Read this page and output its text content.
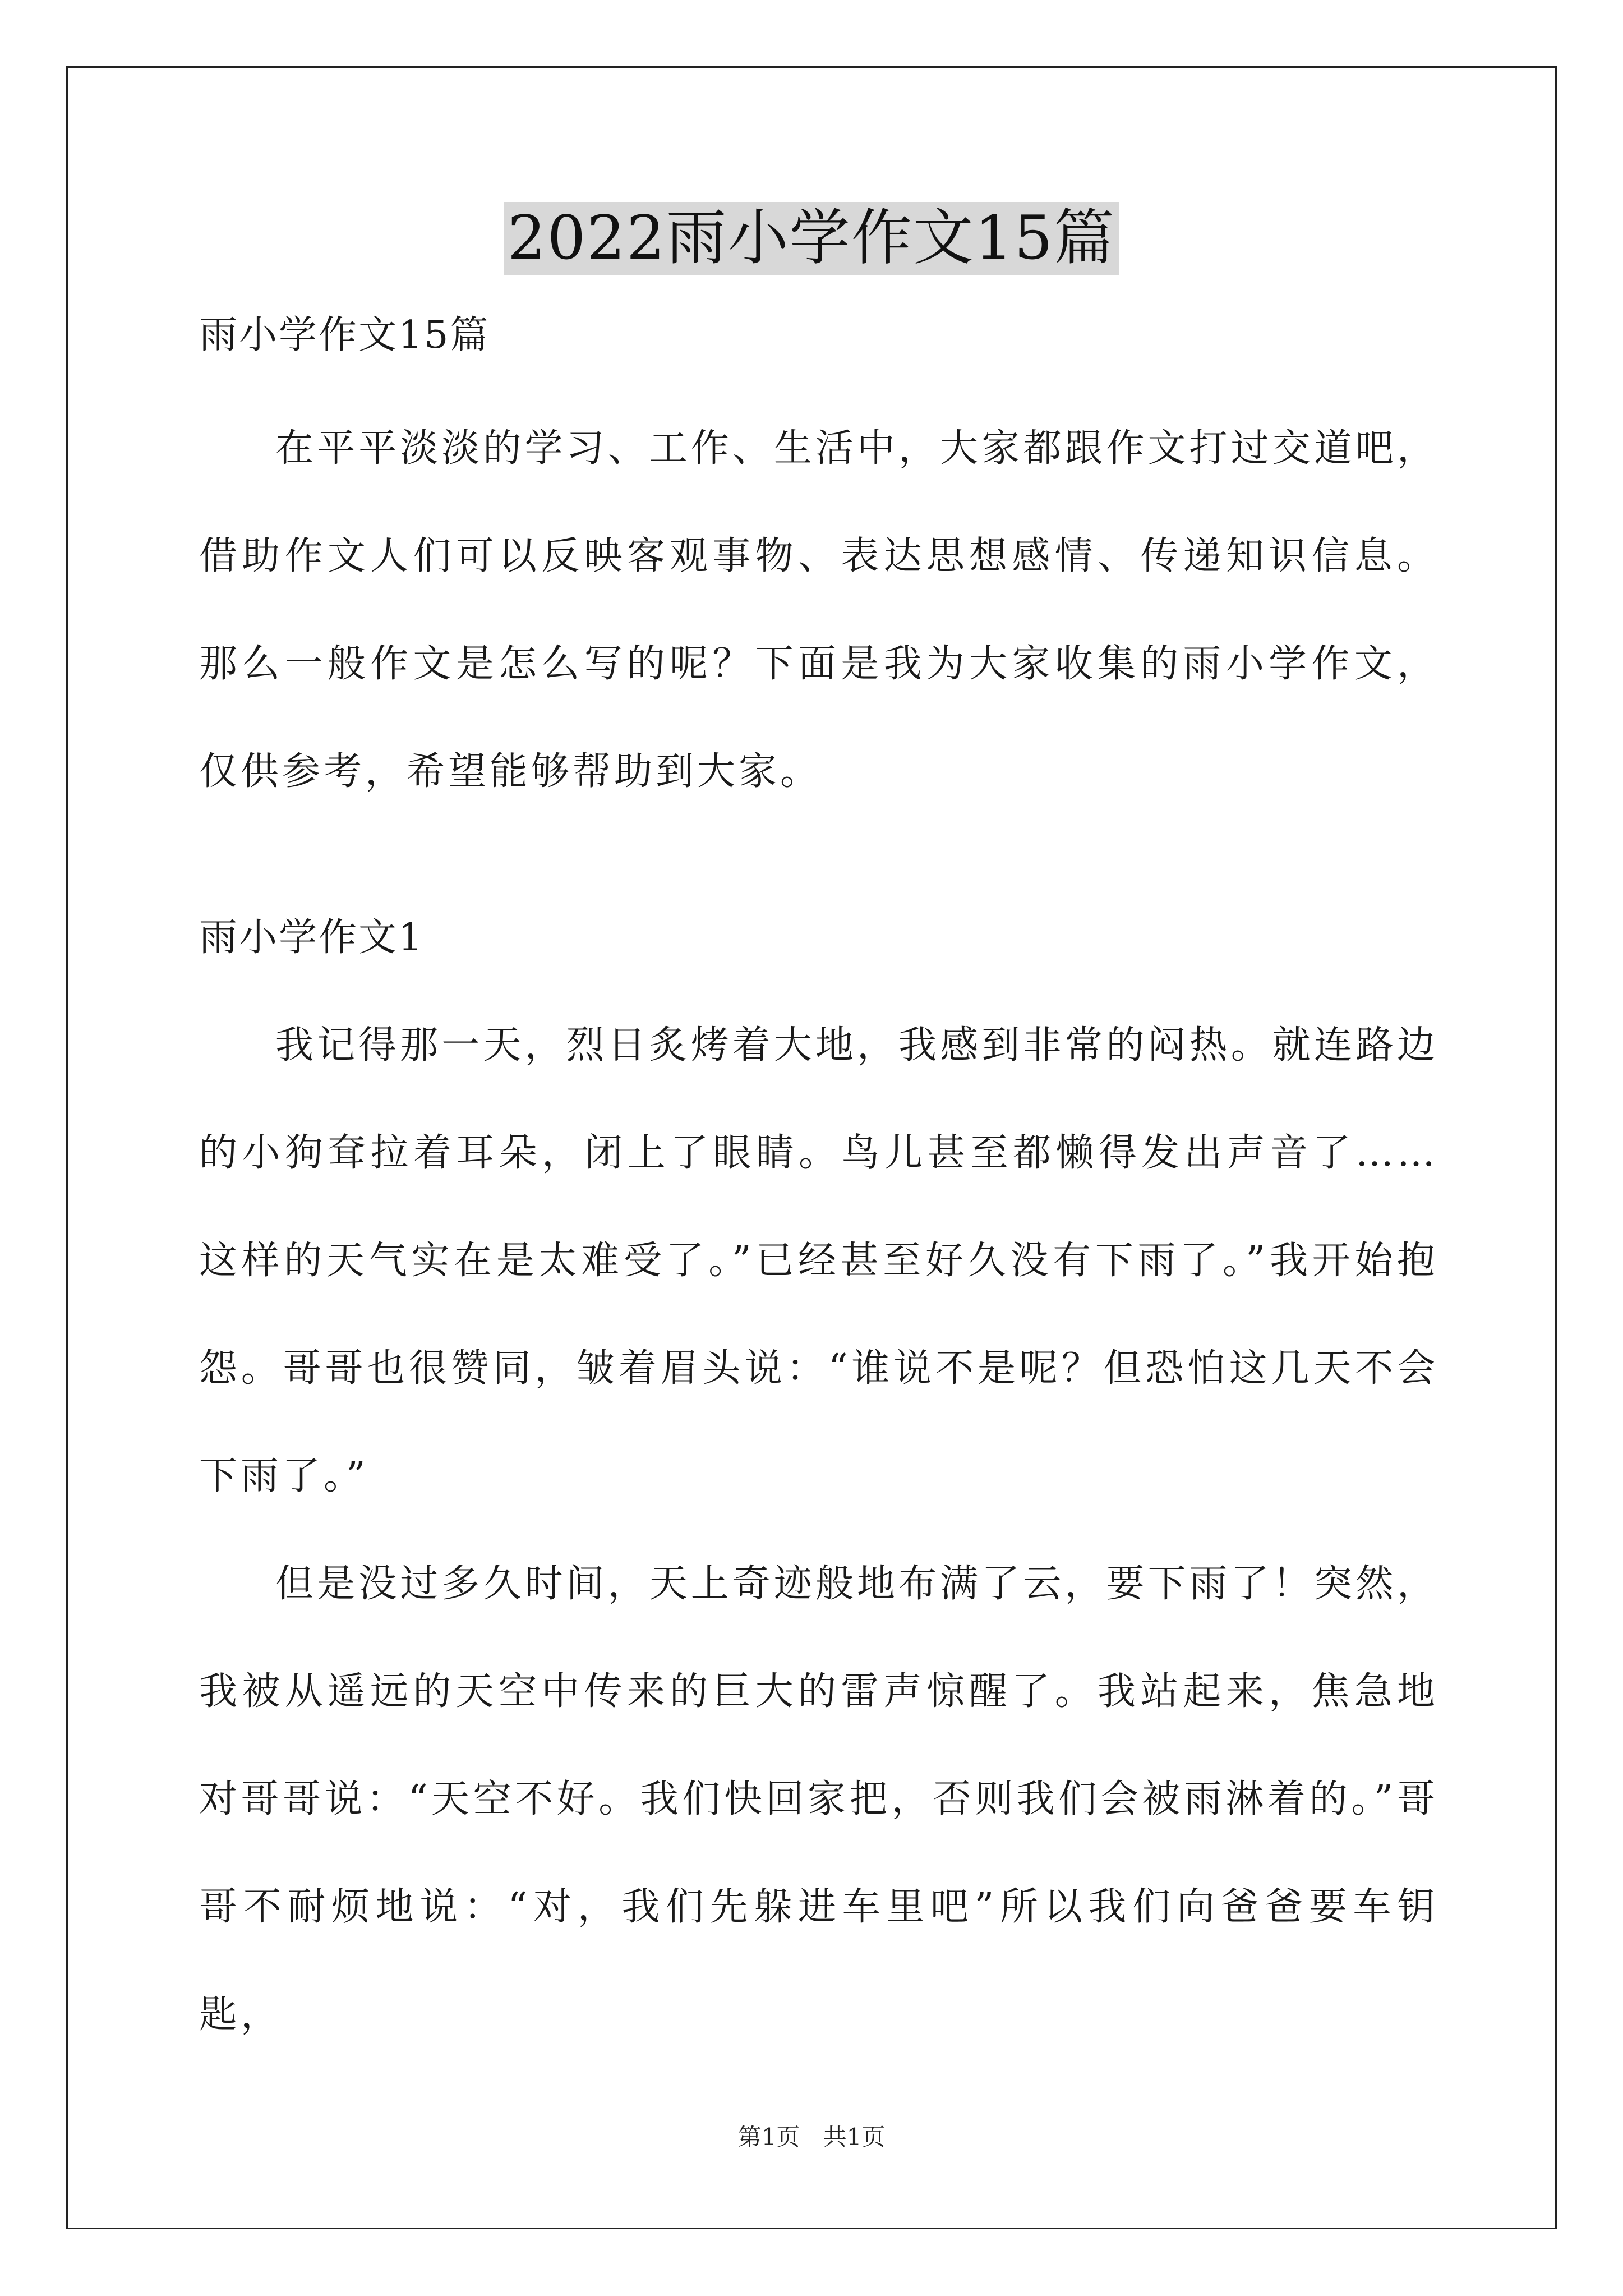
2022雨小学作文15篇

雨小学作文15篇

在平平淡淡的学习、工作、生活中，大家都跟作文打过交道吧，借助作文人们可以反映客观事物、表达思想感情、传递知识信息。那么一般作文是怎么写的呢？下面是我为大家收集的雨小学作文，仅供参考，希望能够帮助到大家。

雨小学作文1

我记得那一天，烈日炙烤着大地，我感到非常的闷热。就连路边的小狗耷拉着耳朵，闭上了眼睛。鸟儿甚至都懒得发出声音了……这样的天气实在是太难受了。”已经甚至好久没有下雨了。”我开始抱怨。哥哥也很赞同，皱着眉头说：“谁说不是呢？但恐怕这几天不会下雨了。”

但是没过多久时间，天上奇迹般地布满了云，要下雨了！突然，我被从遥远的天空中传来的巨大的雷声惊醒了。我站起来，焦急地对哥哥说：“天空不好。我们快回家把，否则我们会被雨淋着的。”哥哥不耐烦地说：“对，我们先躲进车里吧”所以我们向爸爸要车钥匙，

第1页 共1页
